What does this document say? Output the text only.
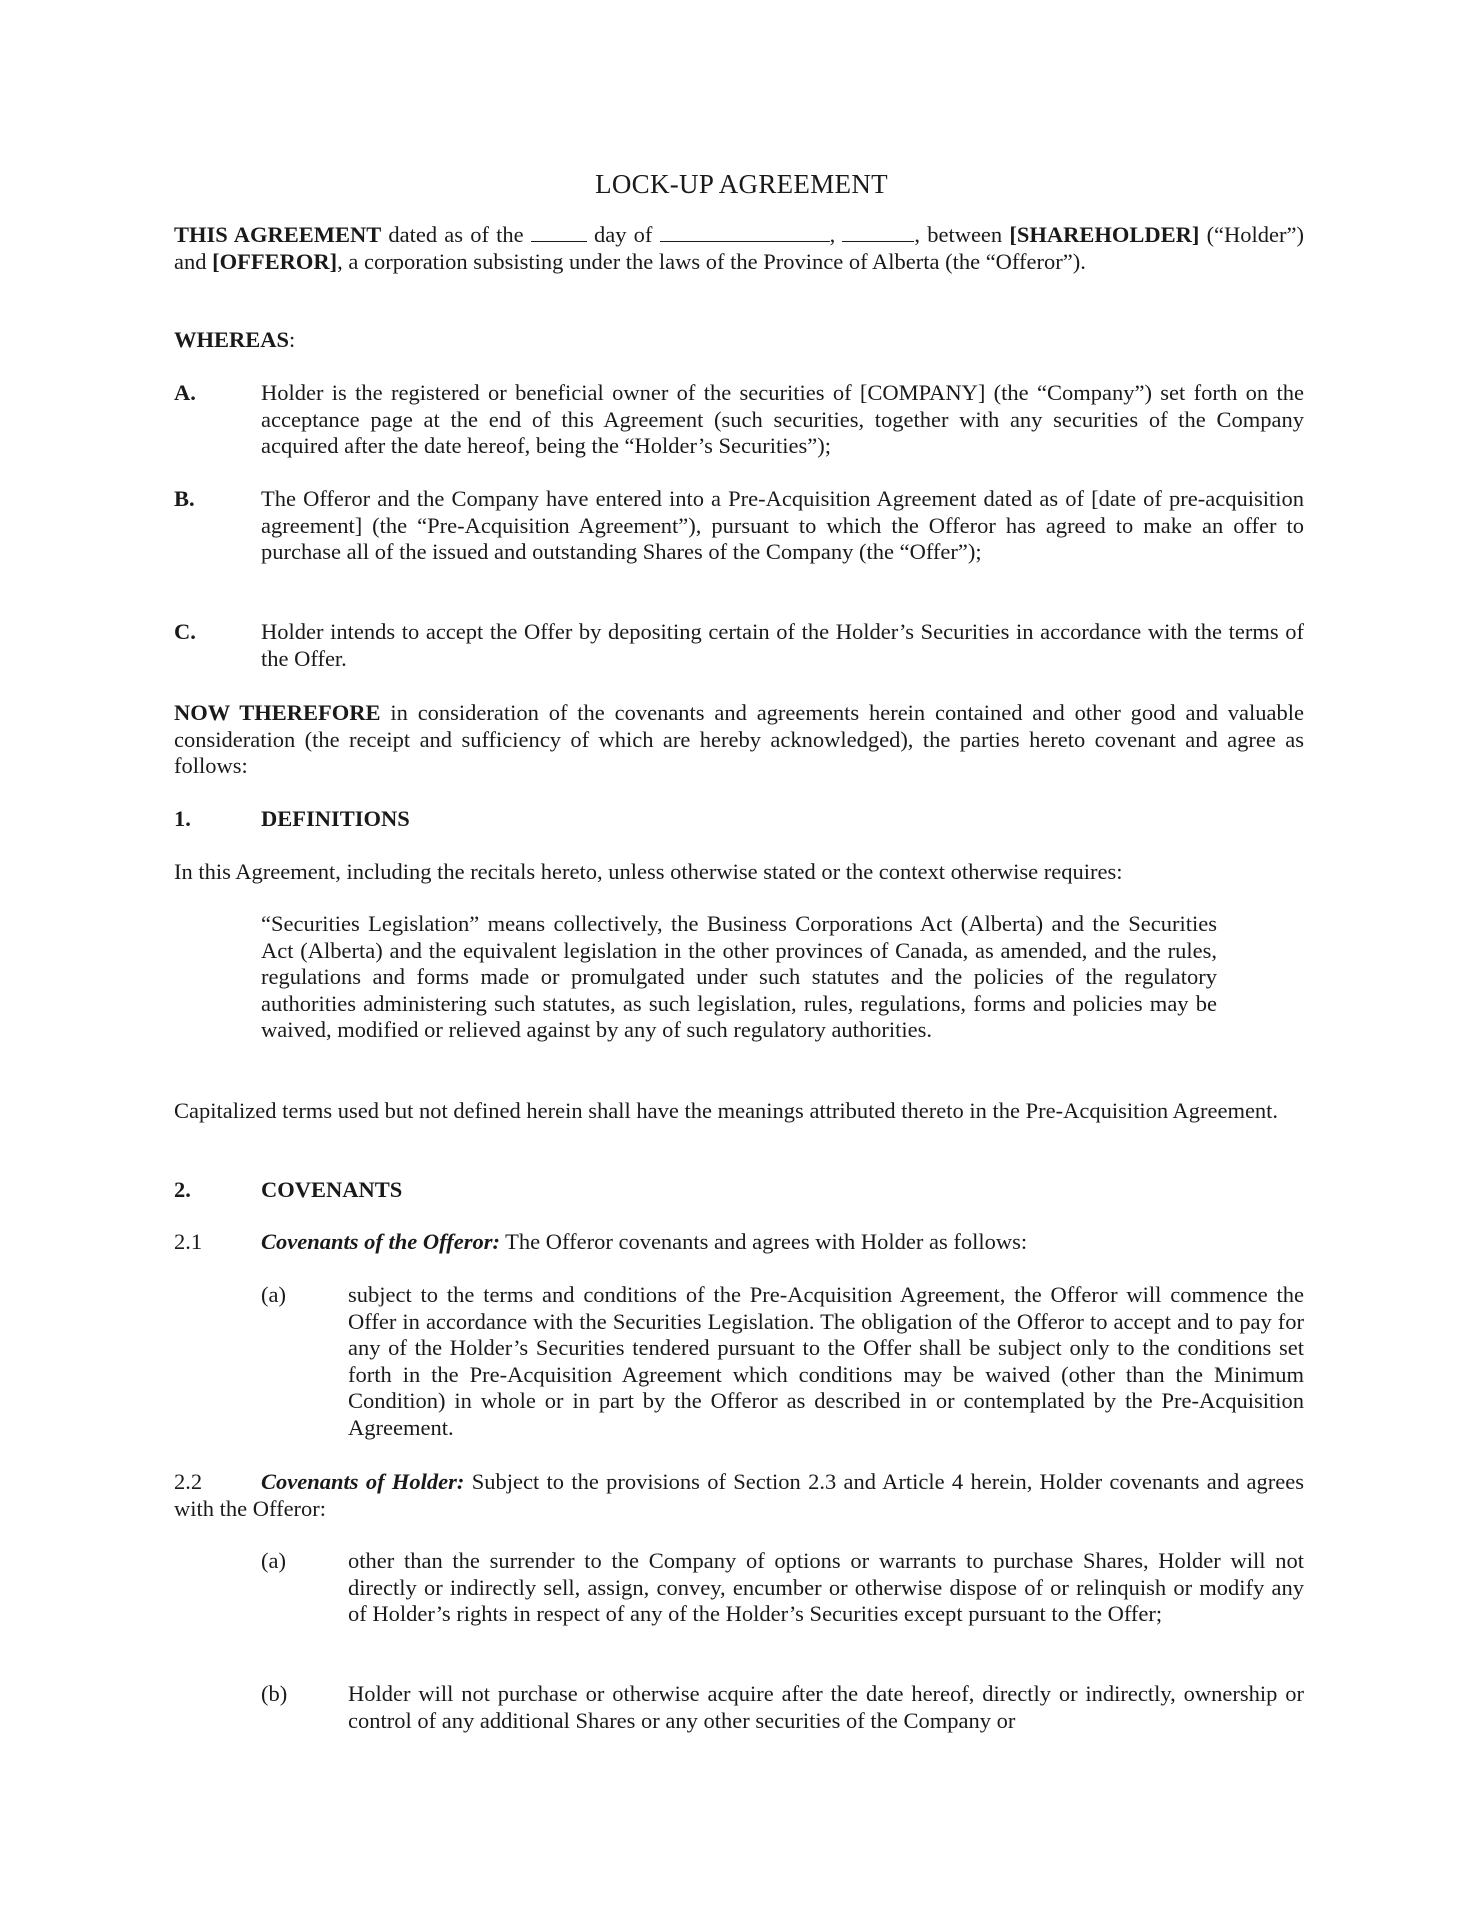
LOCK-UP AGREEMENT
THIS AGREEMENT dated as of the  day of	,	, between [SHAREHOLDER] (“Holder”) and [OFFEROR], a corporation subsisting under the laws of the Province of Alberta (the “Offeror”).
WHEREAS:
A.	Holder is the registered or beneficial owner of the securities of [COMPANY] (the “Company”) set forth on the acceptance page at the end of this Agreement (such securities, together with any securities of the Company acquired after the date hereof, being the “Holder’s Securities”);
B.	The Offeror and the Company have entered into a Pre-Acquisition Agreement dated as of [date of pre-acquisition agreement] (the “Pre-Acquisition Agreement”), pursuant to which the Offeror has agreed to make an offer to purchase all of the issued and outstanding Shares of the Company (the “Offer”);
C.	Holder intends to accept the Offer by depositing certain of the Holder’s Securities in accordance with the terms of the Offer.
NOW THEREFORE in consideration of the covenants and agreements herein contained and other good and valuable consideration (the receipt and sufficiency of which are hereby acknowledged), the parties hereto covenant and agree as follows:
1.	DEFINITIONS
In this Agreement, including the recitals hereto, unless otherwise stated or the context otherwise requires:
“Securities Legislation” means collectively, the Business Corporations Act (Alberta) and the Securities Act (Alberta) and the equivalent legislation in the other provinces of Canada, as amended, and the rules, regulations and forms made or promulgated under such statutes and the policies of the regulatory authorities administering such statutes, as such legislation, rules, regulations, forms and policies may be waived, modified or relieved against by any of such regulatory authorities.
Capitalized terms used but not defined herein shall have the meanings attributed thereto in the Pre-Acquisition Agreement.
2.	COVENANTS
2.1	Covenants of the Offeror: The Offeror covenants and agrees with Holder as follows:
(a)	subject to the terms and conditions of the Pre-Acquisition Agreement, the Offeror will commence the Offer in accordance with the Securities Legislation. The obligation of the Offeror to accept and to pay for any of the Holder’s Securities tendered pursuant to the Offer shall be subject only to the conditions set forth in the Pre-Acquisition Agreement which conditions may be waived (other than the Minimum Condition) in whole or in part by the Offeror as described in or contemplated by the Pre-Acquisition Agreement.
2.2	Covenants of Holder: Subject to the provisions of Section 2.3 and Article 4 herein, Holder covenants and agrees with the Offeror:
(a)	other than the surrender to the Company of options or warrants to purchase Shares, Holder will not directly or indirectly sell, assign, convey, encumber or otherwise dispose of or relinquish or modify any of Holder’s rights in respect of any of the Holder’s Securities except pursuant to the Offer;
(b)	Holder will not purchase or otherwise acquire after the date hereof, directly or indirectly, ownership or control of any additional Shares or any other securities of the Company or
